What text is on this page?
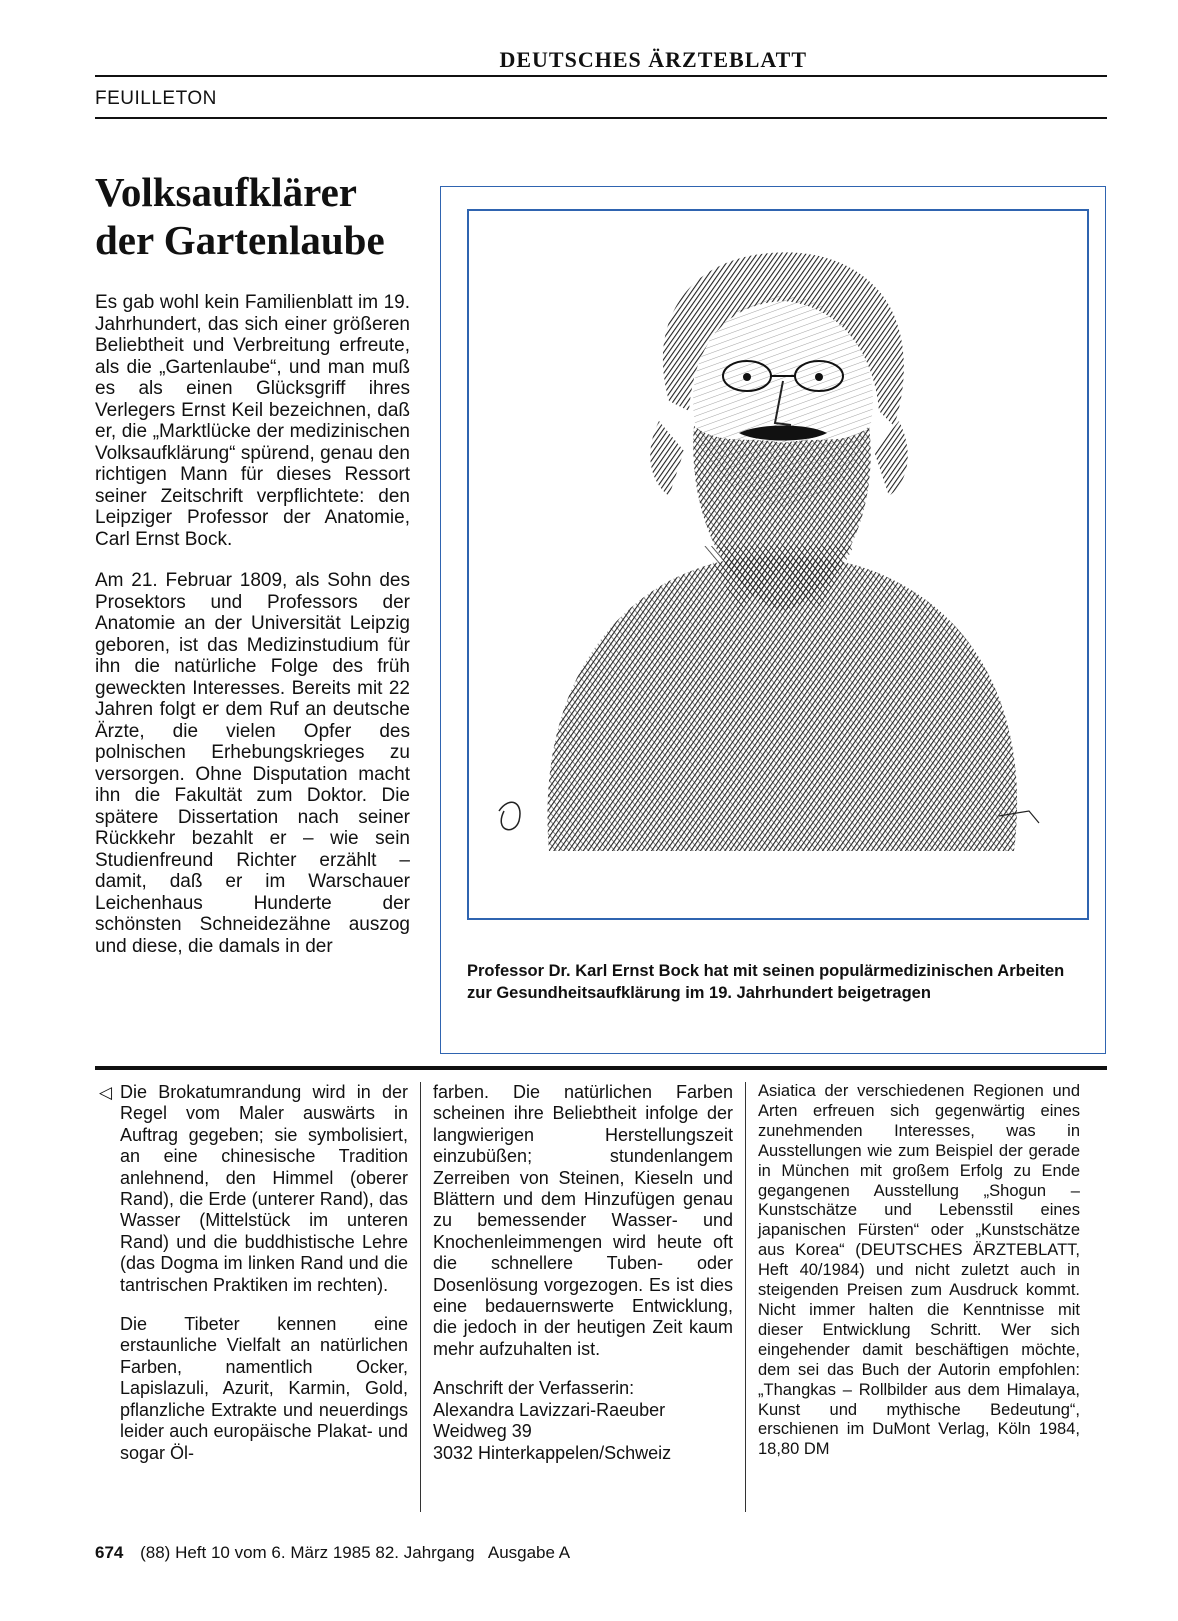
DEUTSCHES ÄRZTEBLATT
FEUILLETON
Volksaufklärer
der Gartenlaube

Es gab wohl kein Familienblatt im 19. Jahrhundert, das sich einer größeren Beliebtheit und Verbreitung erfreute, als die „Gartenlaube“, und man muß es als einen Glücksgriff ihres Verlegers Ernst Keil bezeichnen, daß er, die „Marktlücke der medizinischen Volksaufklärung“ spürend, genau den richtigen Mann für dieses Ressort seiner Zeitschrift verpflichtete: den Leipziger Professor der Anatomie, Carl Ernst Bock.

Am 21. Februar 1809, als Sohn des Prosektors und Professors der Anatomie an der Universität Leipzig geboren, ist das Medizinstudium für ihn die natürliche Folge des früh geweckten Interesses. Bereits mit 22 Jahren folgt er dem Ruf an deutsche Ärzte, die vielen Opfer des polnischen Erhebungskrieges zu versorgen. Ohne Disputation macht ihn die Fakultät zum Doktor. Die spätere Dissertation nach seiner Rückkehr bezahlt er – wie sein Studienfreund Richter erzählt – damit, daß er im Warschauer Leichenhaus Hunderte der schönsten Schneidezähne auszog und diese, die damals in der

Professor Dr. Karl Ernst Bock hat mit seinen populärmedizinischen Arbeiten zur Gesundheitsaufklärung im 19. Jahrhundert beigetragen
◁ Die Brokatumrandung wird in der Regel vom Maler auswärts in Auftrag gegeben; sie symbolisiert, an eine chinesische Tradition anlehnend, den Himmel (oberer Rand), die Erde (unterer Rand), das Wasser (Mittelstück im unteren Rand) und die buddhistische Lehre (das Dogma im linken Rand und die tantrischen Praktiken im rechten).

Die Tibeter kennen eine erstaunliche Vielfalt an natürlichen Farben, namentlich Ocker, Lapislazuli, Azurit, Karmin, Gold, pflanzliche Extrakte und neuerdings leider auch europäische Plakat- und sogar Öl-

farben. Die natürlichen Farben scheinen ihre Beliebtheit infolge der langwierigen Herstellungszeit einzubüßen; stundenlangem Zerreiben von Steinen, Kieseln und Blättern und dem Hinzufügen genau zu bemessender Wasser- und Knochenleimmengen wird heute oft die schnellere Tuben- oder Dosenlösung vorgezogen. Es ist dies eine bedauernswerte Entwicklung, die jedoch in der heutigen Zeit kaum mehr aufzuhalten ist.

Anschrift der Verfasserin:
Alexandra Lavizzari-Raeuber
Weidweg 39
3032 Hinterkappelen/Schweiz

Asiatica der verschiedenen Regionen und Arten erfreuen sich gegenwärtig eines zunehmenden Interesses, was in Ausstellungen wie zum Beispiel der gerade in München mit großem Erfolg zu Ende gegangenen Ausstellung „Shogun – Kunstschätze und Lebensstil eines japanischen Fürsten“ oder „Kunstschätze aus Korea“ (DEUTSCHES ÄRZTEBLATT, Heft 40/1984) und nicht zuletzt auch in steigenden Preisen zum Ausdruck kommt. Nicht immer halten die Kenntnisse mit dieser Entwicklung Schritt. Wer sich eingehender damit beschäftigen möchte, dem sei das Buch der Autorin empfohlen: „Thangkas – Rollbilder aus dem Himalaya, Kunst und mythische Bedeutung“, erschienen im DuMont Verlag, Köln 1984, 18,80 DM

674 (88) Heft 10 vom 6. März 1985 82. Jahrgang   Ausgabe A
